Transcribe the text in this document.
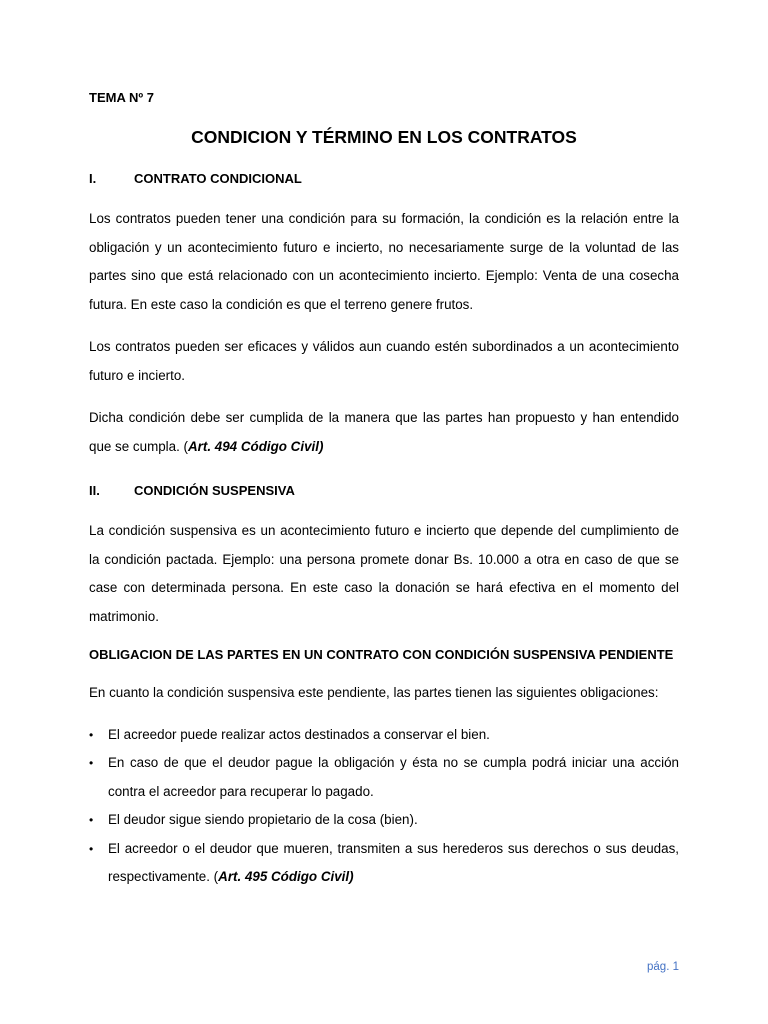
TEMA Nº 7

CONDICION Y TÉRMINO EN LOS CONTRATOS
I.	CONTRATO CONDICIONAL

Los contratos pueden tener una condición para su formación, la condición es la relación entre la obligación y un acontecimiento futuro e incierto, no necesariamente surge de la voluntad de las partes sino que está relacionado con un acontecimiento incierto. Ejemplo: Venta de una cosecha futura. En este caso la condición es que el terreno genere frutos.

Los contratos pueden ser eficaces y válidos aun cuando estén subordinados a un acontecimiento futuro e incierto.

Dicha condición debe ser cumplida de la manera que las partes han propuesto y han entendido que se cumpla. (Art. 494 Código Civil)

II.	CONDICIÓN SUSPENSIVA

La condición suspensiva es un acontecimiento futuro e incierto que depende del cumplimiento de la condición pactada. Ejemplo: una persona promete donar Bs. 10.000 a otra en caso de que se case con determinada persona. En este caso la donación se hará efectiva en el momento del matrimonio.

OBLIGACION DE LAS PARTES EN UN CONTRATO CON CONDICIÓN SUSPENSIVA PENDIENTE

En cuanto la condición suspensiva este pendiente, las partes tienen las siguientes obligaciones:

• El acreedor puede realizar actos destinados a conservar el bien.
• En caso de que el deudor pague la obligación y ésta no se cumpla podrá iniciar una acción contra el acreedor para recuperar lo pagado.
• El deudor sigue siendo propietario de la cosa (bien).
• El acreedor o el deudor que mueren, transmiten a sus herederos sus derechos o sus deudas, respectivamente. (Art. 495 Código Civil)
pág. 1
